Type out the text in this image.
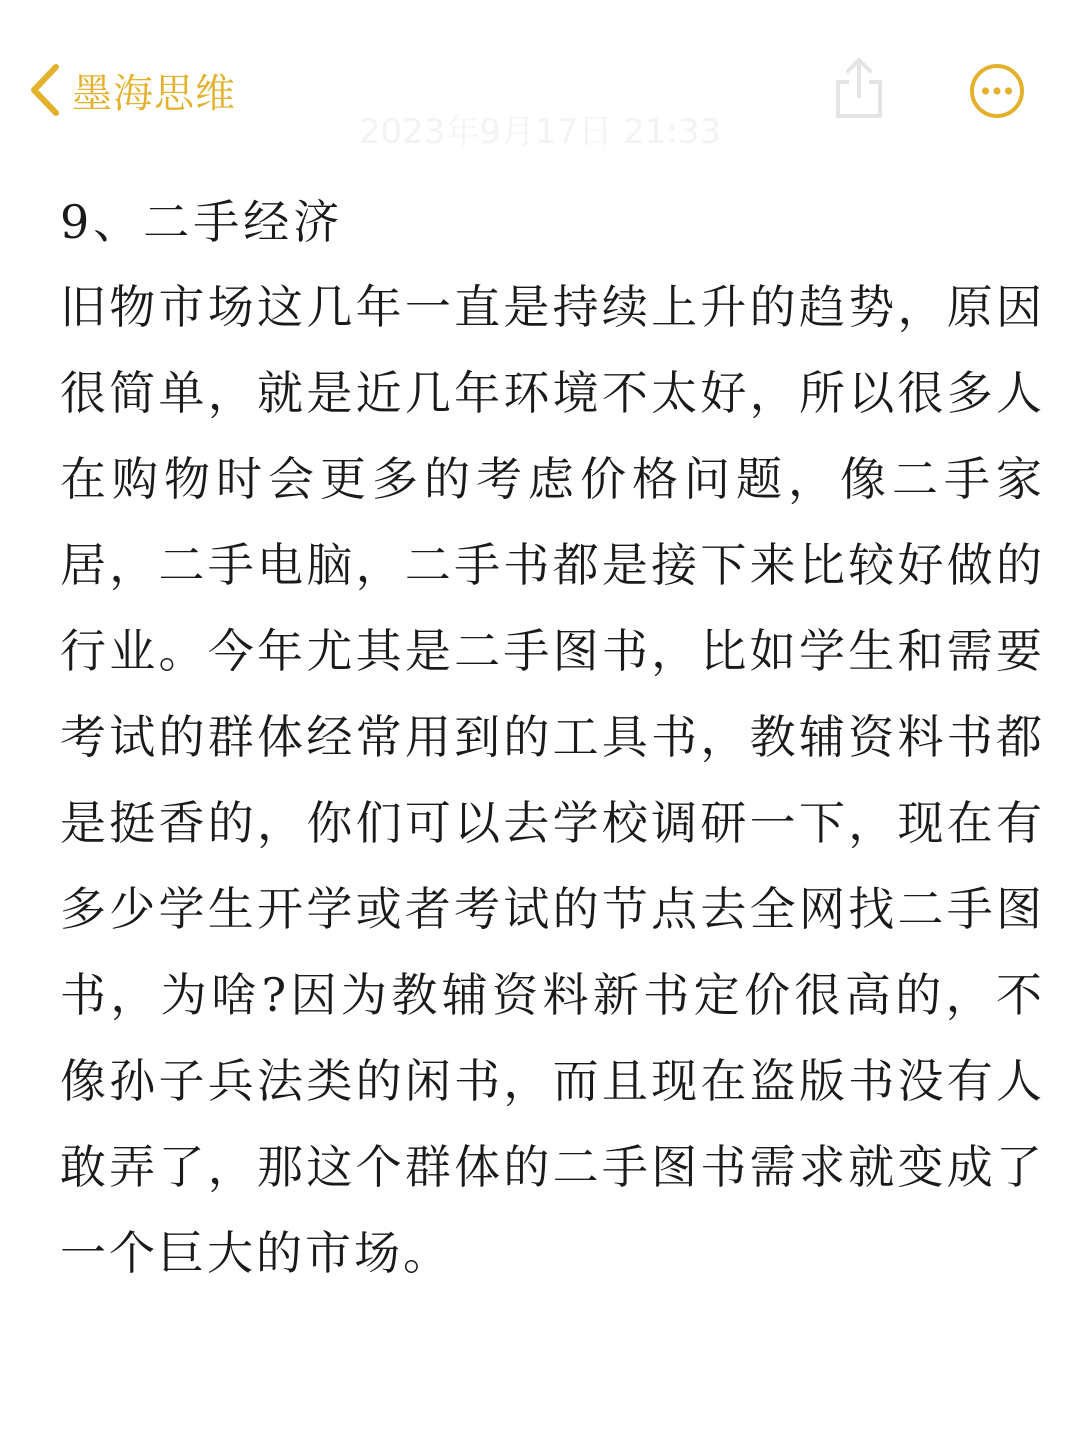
墨海思维
2023年9月17日 21:33
9、二手经济

旧物市场这几年一直是持续上升的趋势，原因很简单，就是近几年环境不太好，所以很多人在购物时会更多的考虑价格问题，像二手家居，二手电脑，二手书都是接下来比较好做的行业。今年尤其是二手图书，比如学生和需要考试的群体经常用到的工具书，教辅资料书都是挺香的，你们可以去学校调研一下，现在有多少学生开学或者考试的节点去全网找二手图书，为啥?因为教辅资料新书定价很高的，不像孙子兵法类的闲书，而且现在盗版书没有人敢弄了，那这个群体的二手图书需求就变成了一个巨大的市场。
